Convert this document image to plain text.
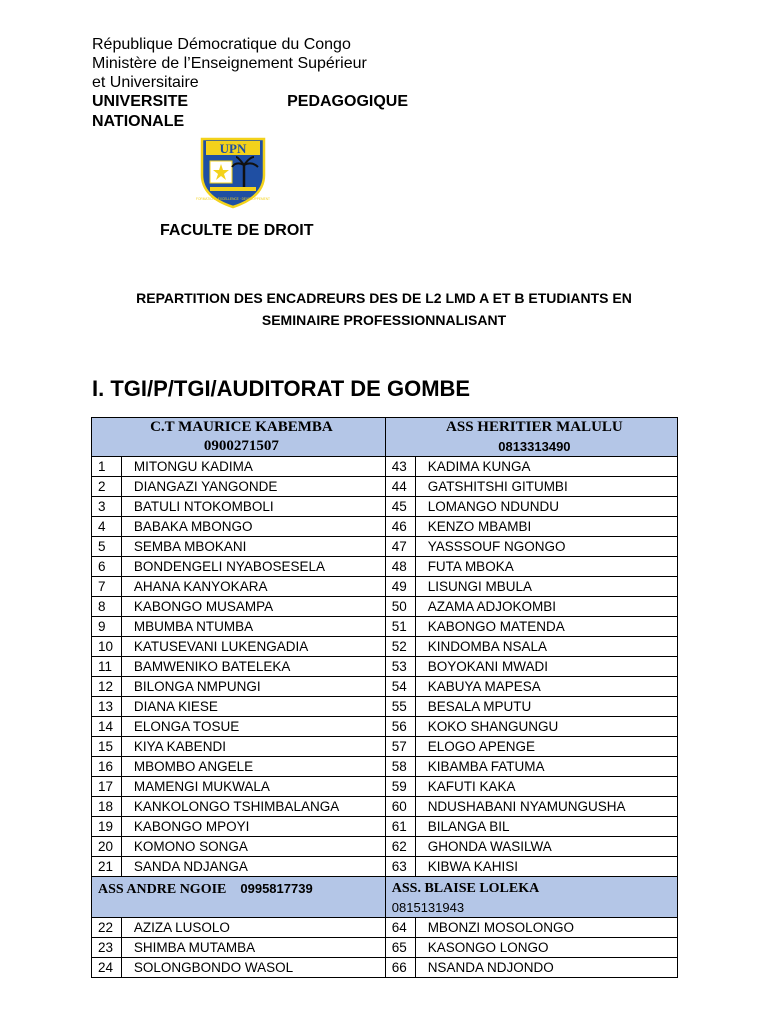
République Démocratique du Congo
Ministère de l’Enseignement Supérieur
et Universitaire
UNIVERSITE	PEDAGOGIQUE
NATIONALE
UPN
FORMATION · EXCELLENCE · DEVELOPPEMENT
FACULTE DE DROIT
REPARTITION DES ENCADREURS DES DE L2 LMD A ET B ETUDIANTS EN
SEMINAIRE PROFESSIONNALISANT
I. TGI/P/TGI/AUDITORAT DE GOMBE
C.T MAURICE KABEMBA
0900271507		ASS HERITIER MALULU
0813313490	

1	MITONGU KADIMA	43	KADIMA KUNGA
2	DIANGAZI YANGONDE	44	GATSHITSHI GITUMBI
3	BATULI NTOKOMBOLI	45	LOMANGO NDUNDU
4	BABAKA MBONGO	46	KENZO MBAMBI
5	SEMBA MBOKANI	47	YASSSOUF NGONGO
6	BONDENGELI NYABOSESELA	48	FUTA MBOKA
7	AHANA KANYOKARA	49	LISUNGI MBULA
8	KABONGO MUSAMPA	50	AZAMA ADJOKOMBI
9	MBUMBA NTUMBA	51	KABONGO MATENDA
10	KATUSEVANI LUKENGADIA	52	KINDOMBA NSALA
11	BAMWENIKO BATELEKA	53	BOYOKANI MWADI
12	BILONGA NMPUNGI	54	KABUYA MAPESA
13	DIANA KIESE	55	BESALA MPUTU
14	ELONGA TOSUE	56	KOKO SHANGUNGU
15	KIYA KABENDI	57	ELOGO APENGE
16	MBOMBO ANGELE	58	KIBAMBA FATUMA
17	MAMENGI MUKWALA	59	KAFUTI KAKA
18	KANKOLONGO TSHIMBALANGA	60	NDUSHABANI NYAMUNGUSHA
19	KABONGO MPOYI	61	BILANGA BIL
20	KOMONO SONGA	62	GHONDA WASILWA
21	SANDA NDJANGA	63	KIBWA KAHISI
ASS ANDRE NGOIE 0995817739		ASS. BLAISE LOLEKA
0815131943	

22	AZIZA LUSOLO	64	MBONZI MOSOLONGO
23	SHIMBA MUTAMBA	65	KASONGO LONGO
24	SOLONGBONDO WASOL	66	NSANDA NDJONDO
